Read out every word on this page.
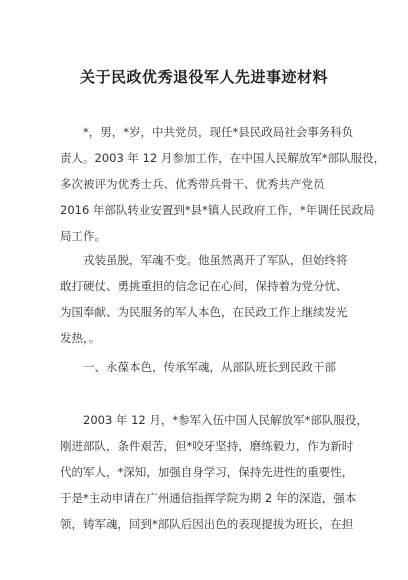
关于民政优秀退役军人先进事迹材料

*，男，*岁，中共党员，现任*县民政局社会事务科负
责人。2003 年 12 月参加工作，在中国人民解放军*部队服役，
多次被评为优秀士兵、优秀带兵骨干、优秀共产党员
2016 年部队转业安置到*县*镇人民政府工作，*年调任民政局
局工作。

戎装虽脱，军魂不变。他虽然离开了军队，但始终将
敢打硬仗、勇挑重担的信念记在心间，保持着为党分忧、
为国奉献、为民服务的军人本色，在民政工作上继续发光
发热，。

一、永葆本色，传承军魂，从部队班长到民政干部

2003 年 12 月，*参军入伍中国人民解放军*部队服役，
刚进部队，条件艰苦，但*咬牙坚持，磨练毅力，作为新时
代的军人，*深知，加强自身学习，保持先进性的重要性，
于是*主动申请在广州通信指挥学院为期 2 年的深造，强本
领，铸军魂，回到*部队后因出色的表现提拔为班长，在担
